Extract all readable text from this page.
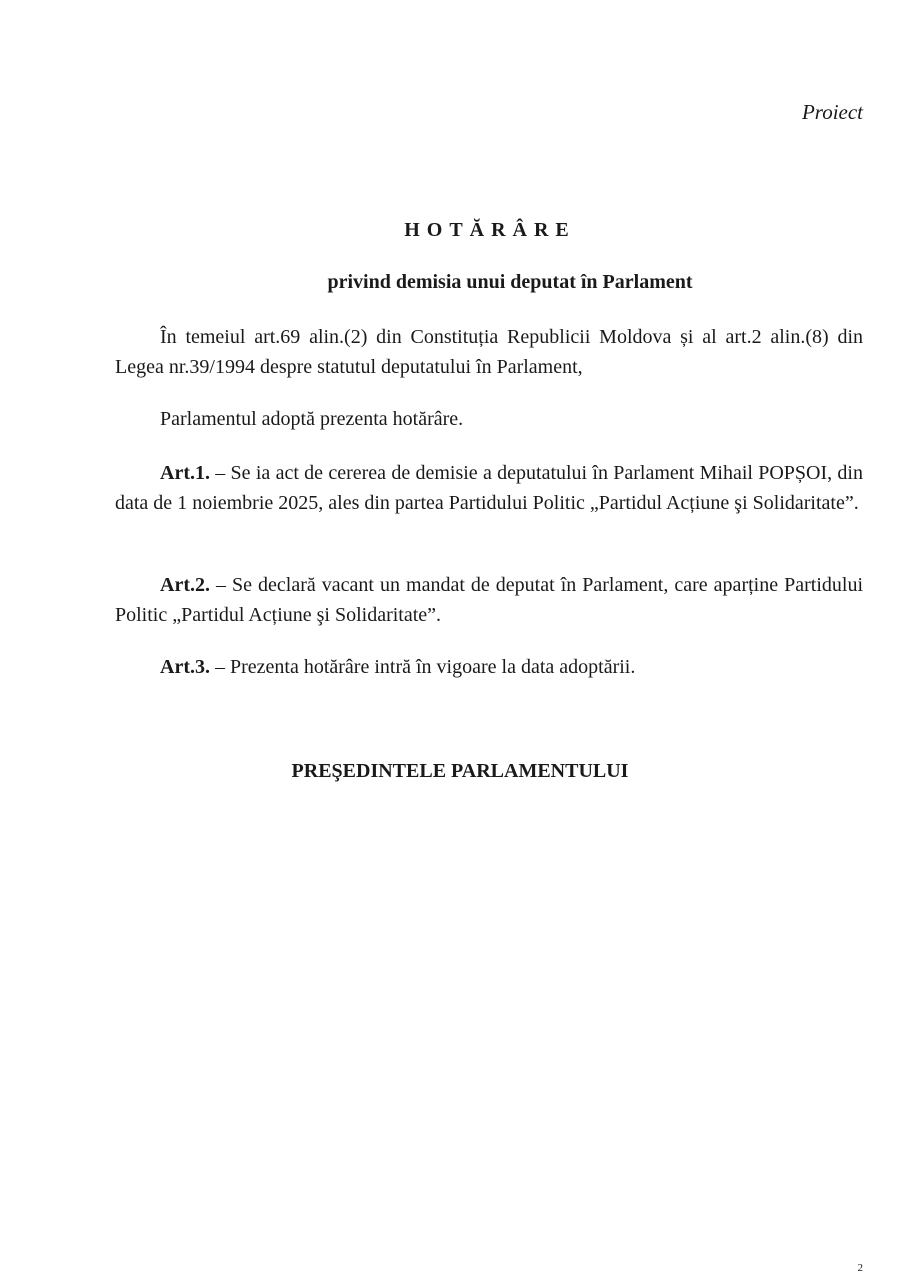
Proiect
HOTĂRÂRE
privind demisia unui deputat în Parlament

În temeiul art.69 alin.(2) din Constituția Republicii Moldova și al art.2 alin.(8) din Legea nr.39/1994 despre statutul deputatului în Parlament,

Parlamentul adoptă prezenta hotărâre.

Art.1. – Se ia act de cererea de demisie a deputatului în Parlament Mihail POPȘOI, din data de 1 noiembrie 2025, ales din partea Partidului Politic „Partidul Acțiune şi Solidaritate”.

Art.2. – Se declară vacant un mandat de deputat în Parlament, care aparține Partidului Politic „Partidul Acțiune şi Solidaritate”.

Art.3. – Prezenta hotărâre intră în vigoare la data adoptării.

PREŞEDINTELE PARLAMENTULUI
2
